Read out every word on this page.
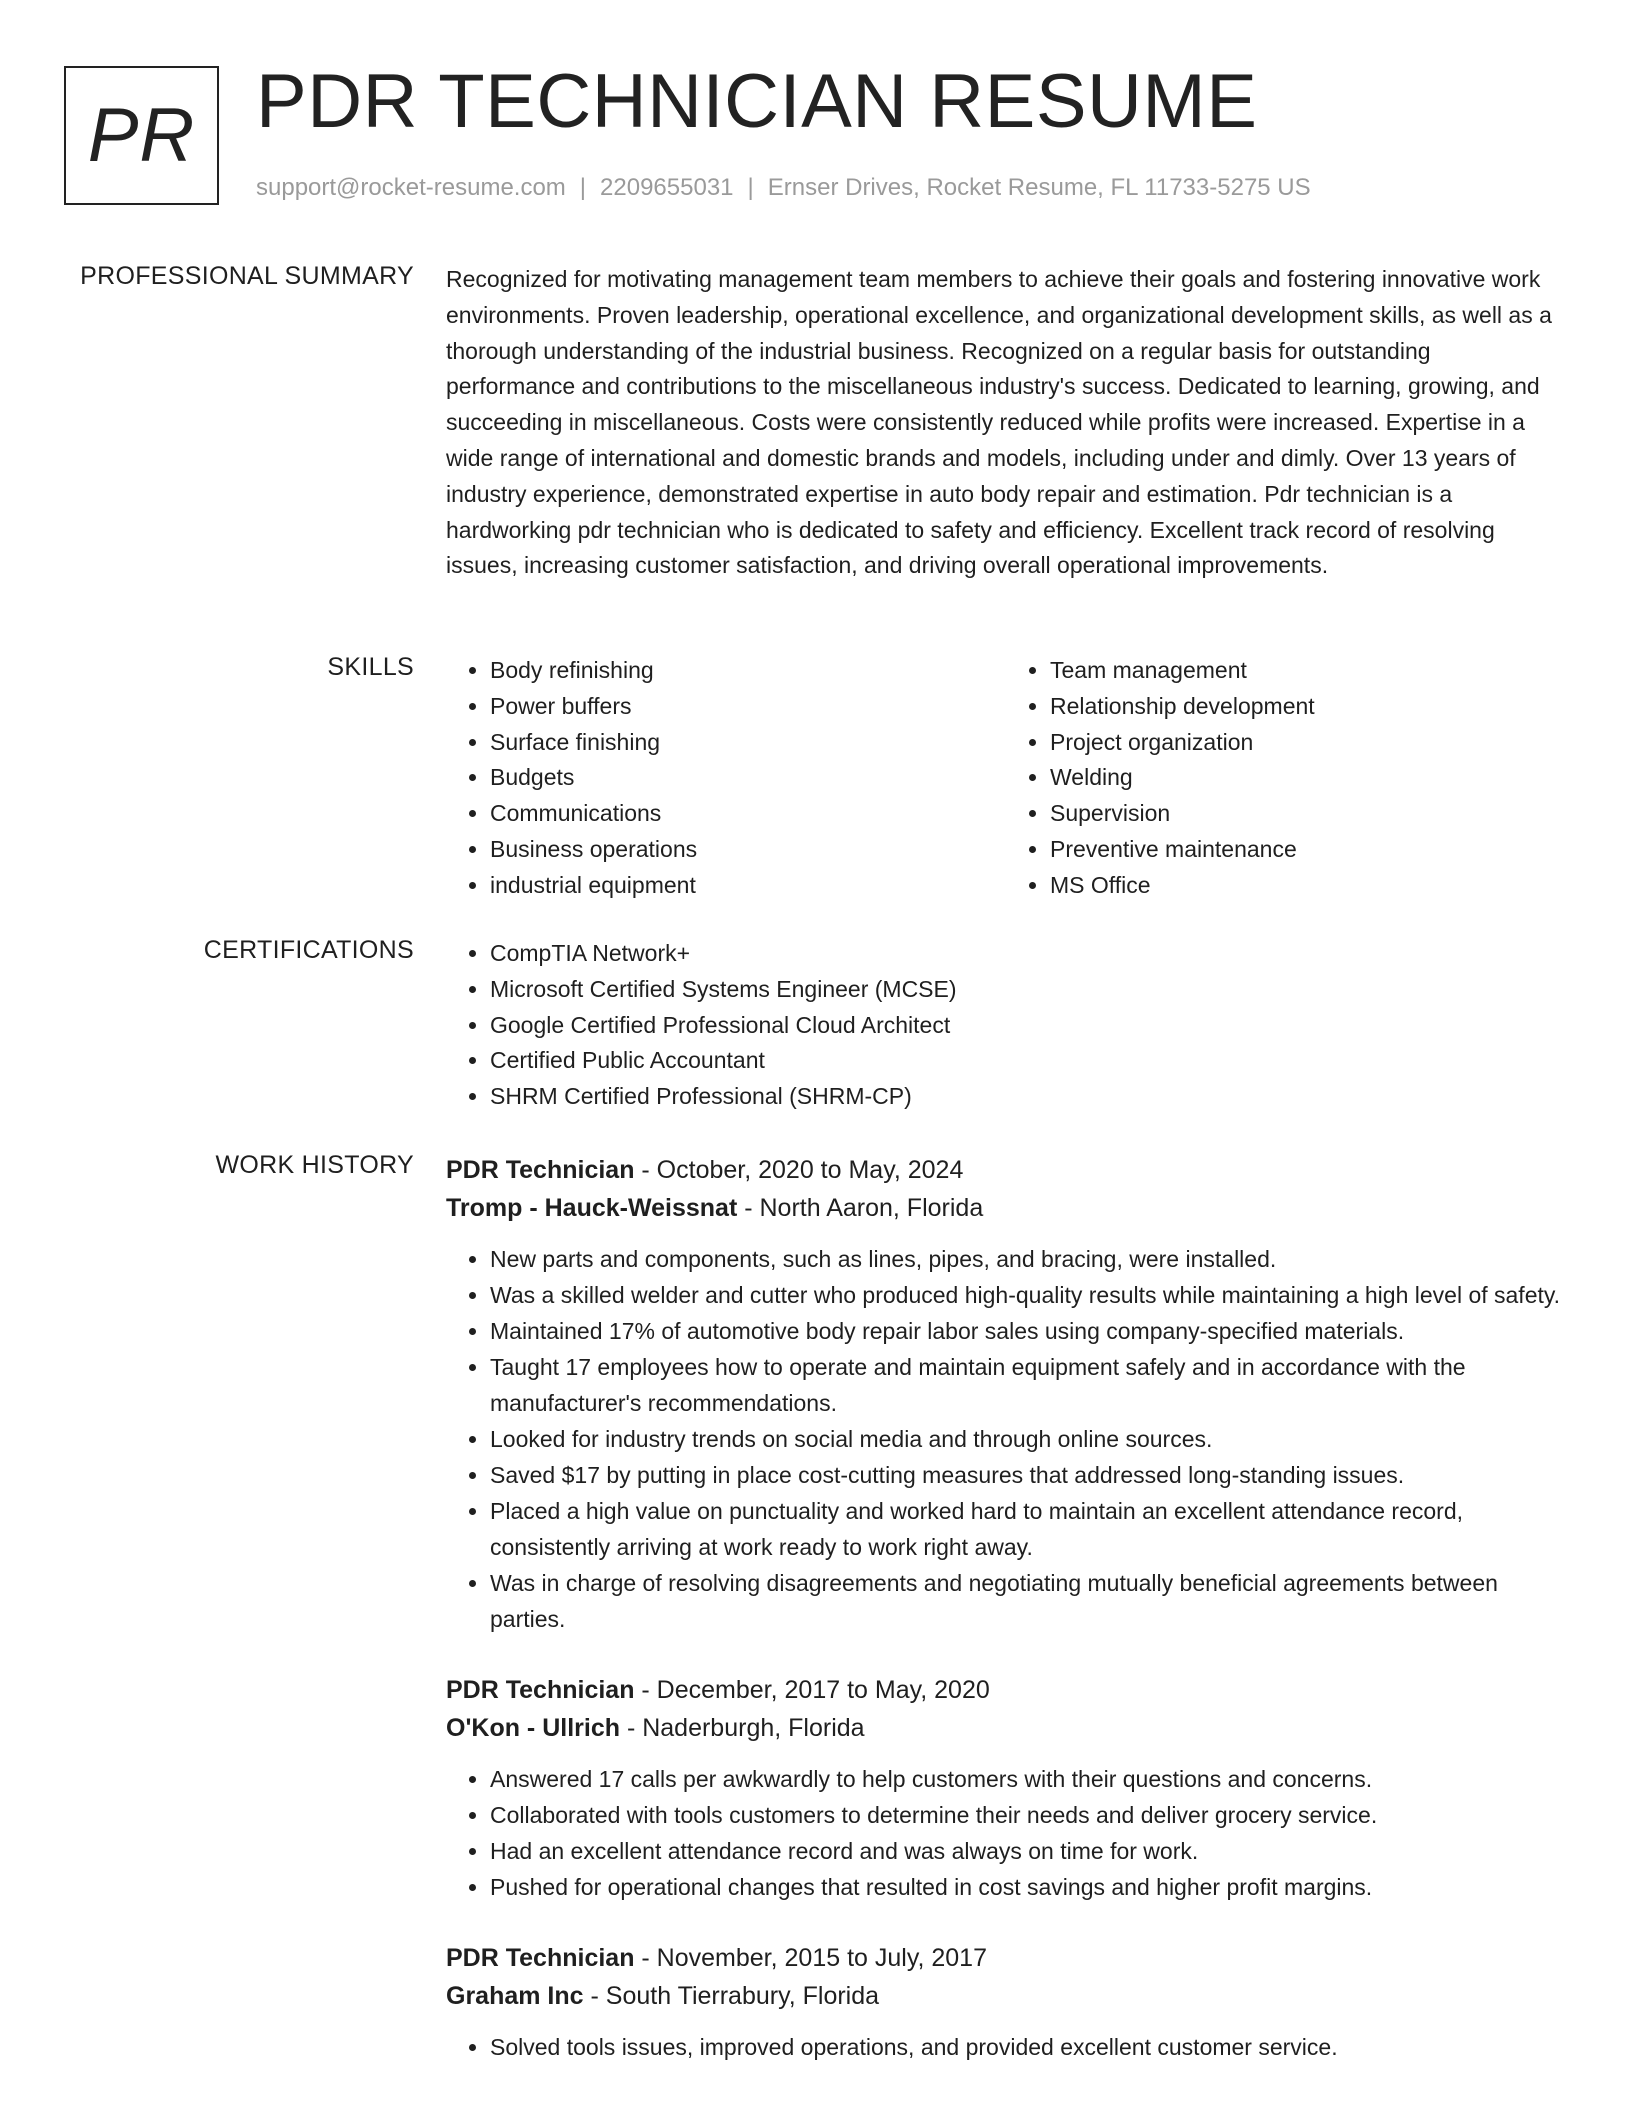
PR PDR TECHNICIAN RESUME
support@rocket-resume.com | 2209655031 | Ernser Drives, Rocket Resume, FL 11733-5275 US
PROFESSIONAL SUMMARY Recognized for motivating management team members to achieve their goals and fostering innovative work environments. Proven leadership, operational excellence, and organizational development skills, as well as a thorough understanding of the industrial business. Recognized on a regular basis for outstanding performance and contributions to the miscellaneous industry's success. Dedicated to learning, growing, and succeeding in miscellaneous. Costs were consistently reduced while profits were increased. Expertise in a wide range of international and domestic brands and models, including under and dimly. Over 13 years of industry experience, demonstrated expertise in auto body repair and estimation. Pdr technician is a hardworking pdr technician who is dedicated to safety and efficiency. Excellent track record of resolving issues, increasing customer satisfaction, and driving overall operational improvements.

SKILLS	• Body refinishing
• Power buffers
• Surface finishing
• Budgets
• Communications
• Business operations
• industrial equipment
• Team management
• Relationship development
• Project organization
• Welding
• Supervision
• Preventive maintenance
• MS Office
CERTIFICATIONS	• CompTIA Network+
• Microsoft Certified Systems Engineer (MCSE)
• Google Certified Professional Cloud Architect
• Certified Public Accountant
• SHRM Certified Professional (SHRM-CP)
WORK HISTORY PDR Technician - October, 2020 to May, 2024
Tromp - Hauck-Weissnat - North Aaron, Florida
• New parts and components, such as lines, pipes, and bracing, were installed.
• Was a skilled welder and cutter who produced high-quality results while maintaining a high level of safety.
• Maintained 17% of automotive body repair labor sales using company-specified materials.
• Taught 17 employees how to operate and maintain equipment safely and in accordance with the manufacturer's recommendations.
• Looked for industry trends on social media and through online sources.
• Saved $17 by putting in place cost-cutting measures that addressed long-standing issues.
• Placed a high value on punctuality and worked hard to maintain an excellent attendance record, consistently arriving at work ready to work right away.
• Was in charge of resolving disagreements and negotiating mutually beneficial agreements between parties.
PDR Technician - December, 2017 to May, 2020
O'Kon - Ullrich - Naderburgh, Florida
• Answered 17 calls per awkwardly to help customers with their questions and concerns.
• Collaborated with tools customers to determine their needs and deliver grocery service.
• Had an excellent attendance record and was always on time for work.
• Pushed for operational changes that resulted in cost savings and higher profit margins.
PDR Technician - November, 2015 to July, 2017
Graham Inc - South Tierrabury, Florida
• Solved tools issues, improved operations, and provided excellent customer service.
